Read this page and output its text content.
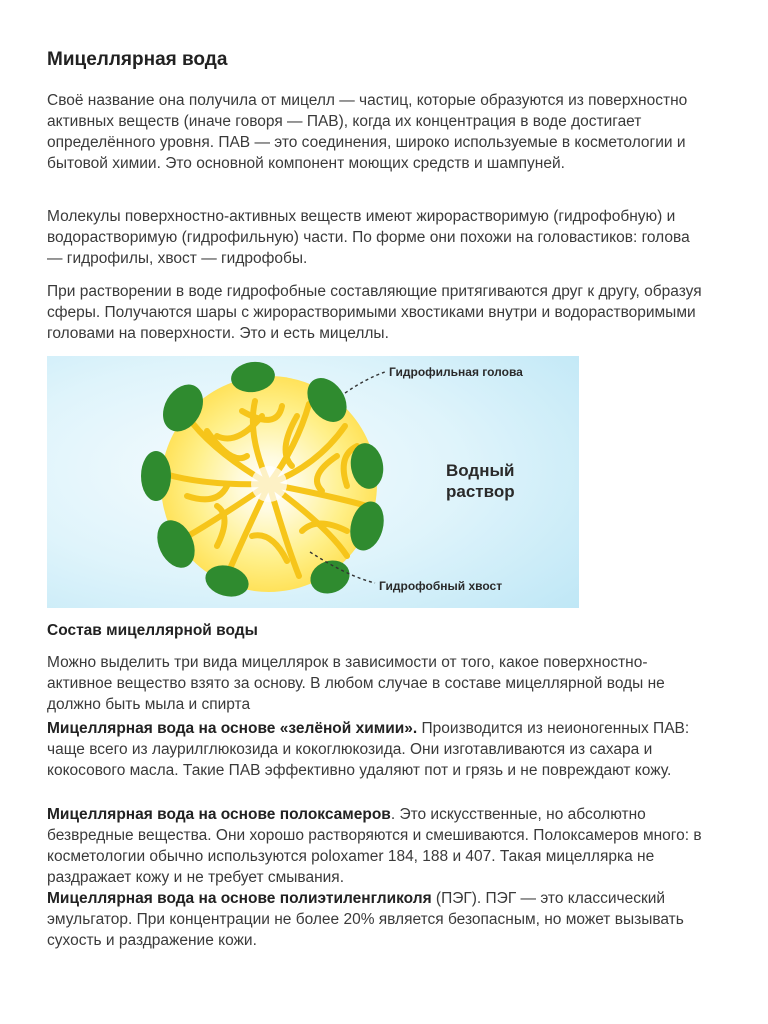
Мицеллярная вода

Своё название она получила от мицелл — частиц, которые образуются из поверхностно активных веществ (иначе говоря — ПАВ), когда их концентрация в воде достигает определённого уровня. ПАВ — это соединения, широко используемые в косметологии и бытовой химии. Это основной компонент моющих средств и шампуней.

Молекулы поверхностно-активных веществ имеют жирорастворимую (гидрофобную) и водорастворимую (гидрофильную) части. По форме они похожи на головастиков: голова — гидрофилы, хвост — гидрофобы.

При растворении в воде гидрофобные составляющие притягиваются друг к другу, образуя сферы. Получаются шары с жирорастворимыми хвостиками внутри и водорастворимыми головами на поверхности. Это и есть мицеллы.

Гидрофильная голова
Водный
раствор
Гидрофобный хвост
Состав мицеллярной воды

Можно выделить три вида мицеллярок в зависимости от того, какое поверхностно-активное вещество взято за основу. В любом случае в составе мицеллярной воды не должно быть мыла и спирта

Мицеллярная вода на основе «зелёной химии». Производится из неионогенных ПАВ: чаще всего из лаурилглюкозида и кокоглюкозида. Они изготавливаются из сахара и кокосового масла. Такие ПАВ эффективно удаляют пот и грязь и не повреждают кожу.

Мицеллярная вода на основе полоксамеров. Это искусственные, но абсолютно безвредные вещества. Они хорошо растворяются и смешиваются. Полоксамеров много: в косметологии обычно используются poloxamer 184, 188 и 407. Такая мицеллярка не раздражает кожу и не требует смывания.

Мицеллярная вода на основе полиэтиленгликоля (ПЭГ). ПЭГ — это классический эмульгатор. При концентрации не более 20% является безопасным, но может вызывать сухость и раздражение кожи.
